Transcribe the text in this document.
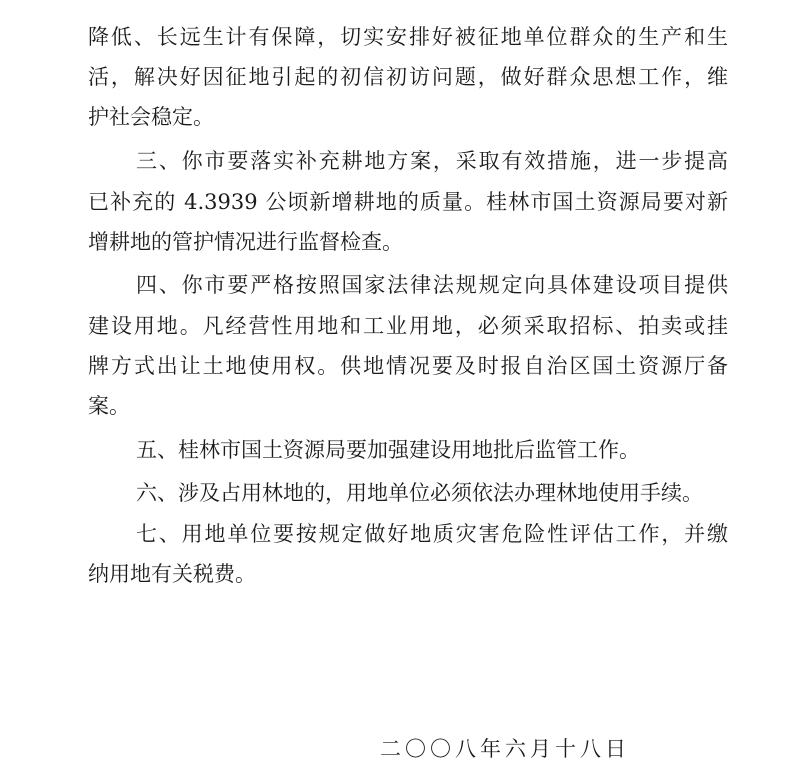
降低、长远生计有保障，切实安排好被征地单位群众的生产和生
活，解决好因征地引起的初信初访问题，做好群众思想工作，维
护社会稳定。
三、你市要落实补充耕地方案，采取有效措施，进一步提高
已补充的 4.3939 公顷新增耕地的质量。桂林市国土资源局要对新
增耕地的管护情况进行监督检查。
四、你市要严格按照国家法律法规规定向具体建设项目提供
建设用地。凡经营性用地和工业用地，必须采取招标、拍卖或挂
牌方式出让土地使用权。供地情况要及时报自治区国土资源厅备
案。
五、桂林市国土资源局要加强建设用地批后监管工作。
六、涉及占用林地的，用地单位必须依法办理林地使用手续。
七、用地单位要按规定做好地质灾害危险性评估工作，并缴
纳用地有关税费。
二〇〇八年六月十八日
